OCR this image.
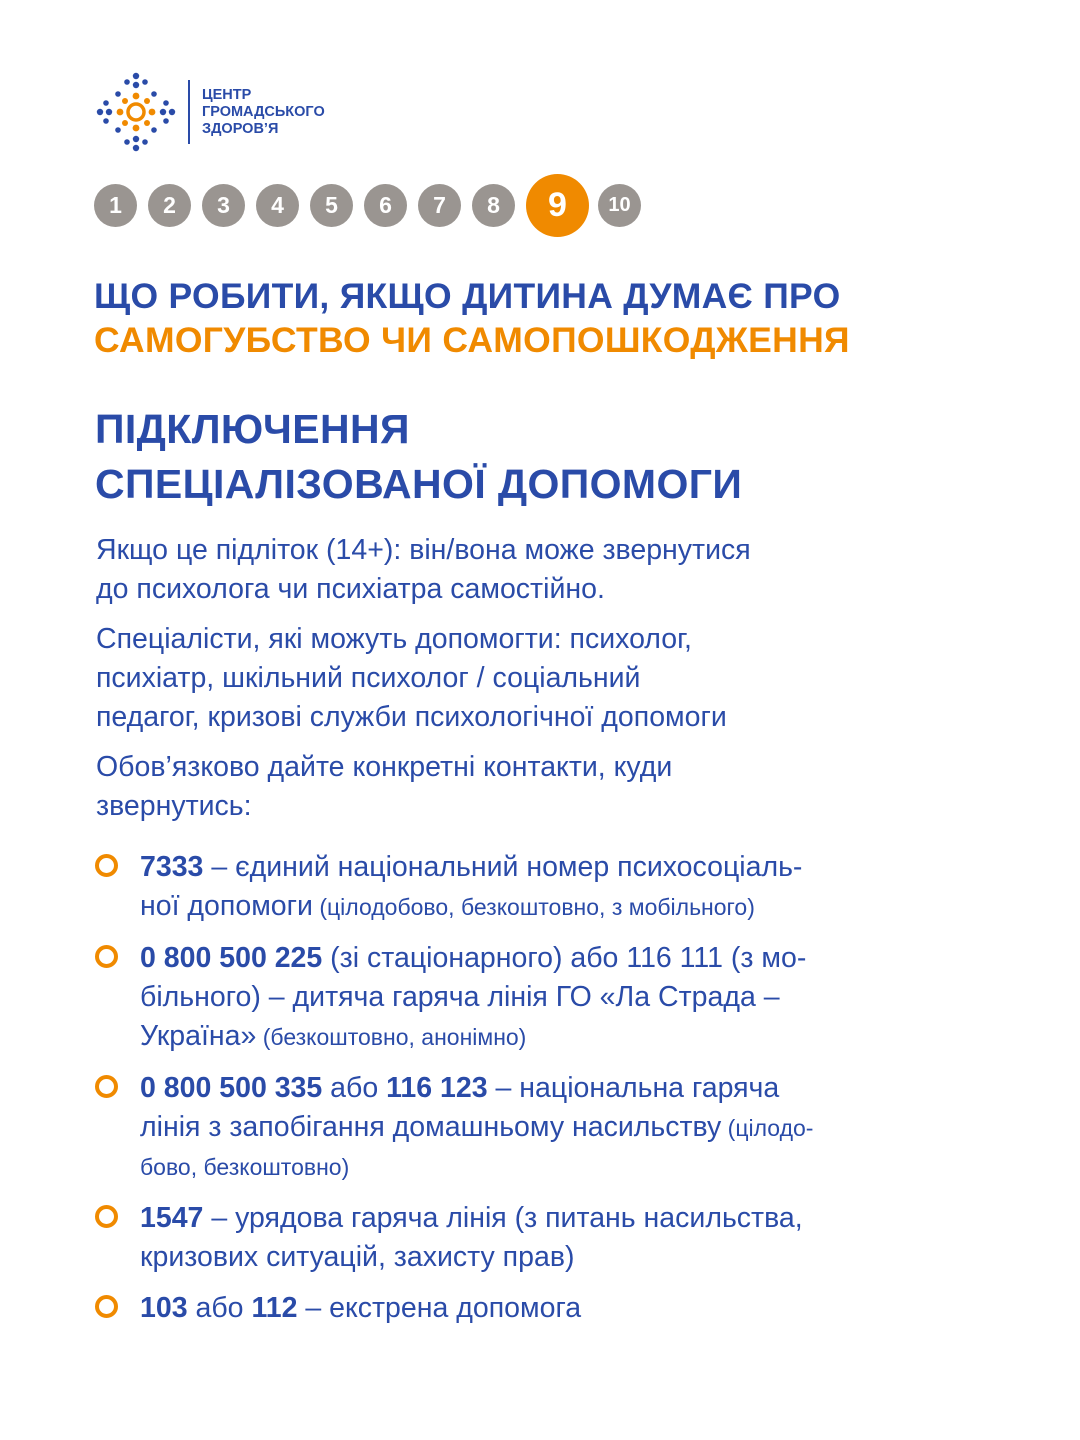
ЦЕНТР
ГРОМАДСЬКОГО
ЗДОРОВ’Я
1	2	3	4	5	6	7	8	9	10
ЩО РОБИТИ, ЯКЩО ДИТИНА ДУМАЄ ПРО
САМОГУБСТВО ЧИ САМОПОШКОДЖЕННЯ
ПІДКЛЮЧЕННЯ
СПЕЦІАЛІЗОВАНОЇ ДОПОМОГИ
Якщо це підліток (14+): він/вона може звернутися
до психолога чи психіатра самостійно.
Спеціалісти, які можуть допомогти: психолог,
психіатр, шкільний психолог / соціальний
педагог, кризові служби психологічної допомоги
Обов’язково дайте конкретні контакти, куди
звернутись:
7333 – єдиний національний номер психосоціаль-
ної допомоги (цілодобово, безкоштовно, з мобільного)
0 800 500 225 (зі стаціонарного) або 116 111 (з мо-
більного) – дитяча гаряча лінія ГО «Ла Страда –
Україна» (безкоштовно, анонімно)
0 800 500 335 або 116 123 – національна гаряча
лінія з запобігання домашньому насильству (цілодо-
бово, безкоштовно)
1547 – урядова гаряча лінія (з питань насильства,
кризових ситуацій, захисту прав)
103 або 112 – екстрена допомога
